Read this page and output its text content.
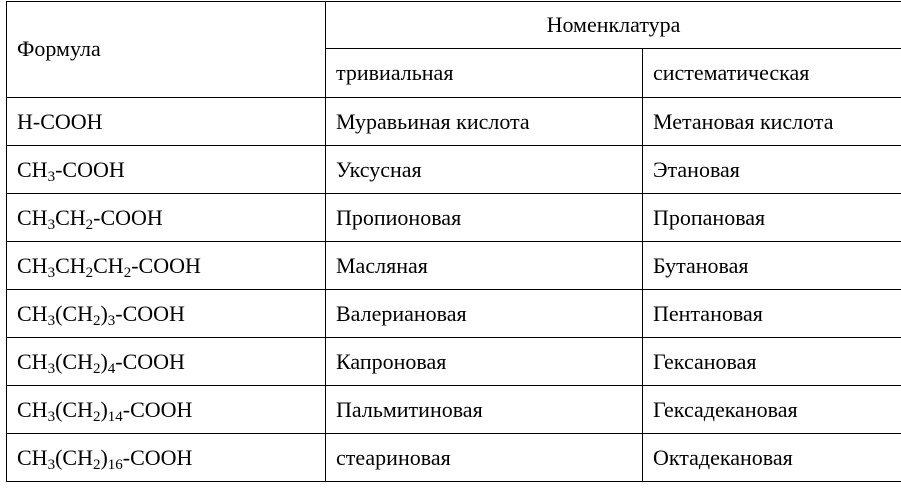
Формула	Номенклатура	
	тривиальная	систематическая
H-COOH	Муравьиная кислота	Метановая кислота
$CH_3$-COOH	Уксусная	Этановая
$CH_3CH_2$-COOH	Пропионовая	Пропановая
$CH_3CH_2CH_2$-COOH	Масляная	Бутановая
$CH_3(CH_2)_3$-COOH	Валериановая	Пентановая
$CH_3(CH_2)_4$-COOH	Капроновая	Гексановая
$CH_3(CH_2)_{14}$-COOH	Пальмитиновая	Гексадекановая
$CH_3(CH_2)_{16}$-COOH	стеариновая	Октадекановая
